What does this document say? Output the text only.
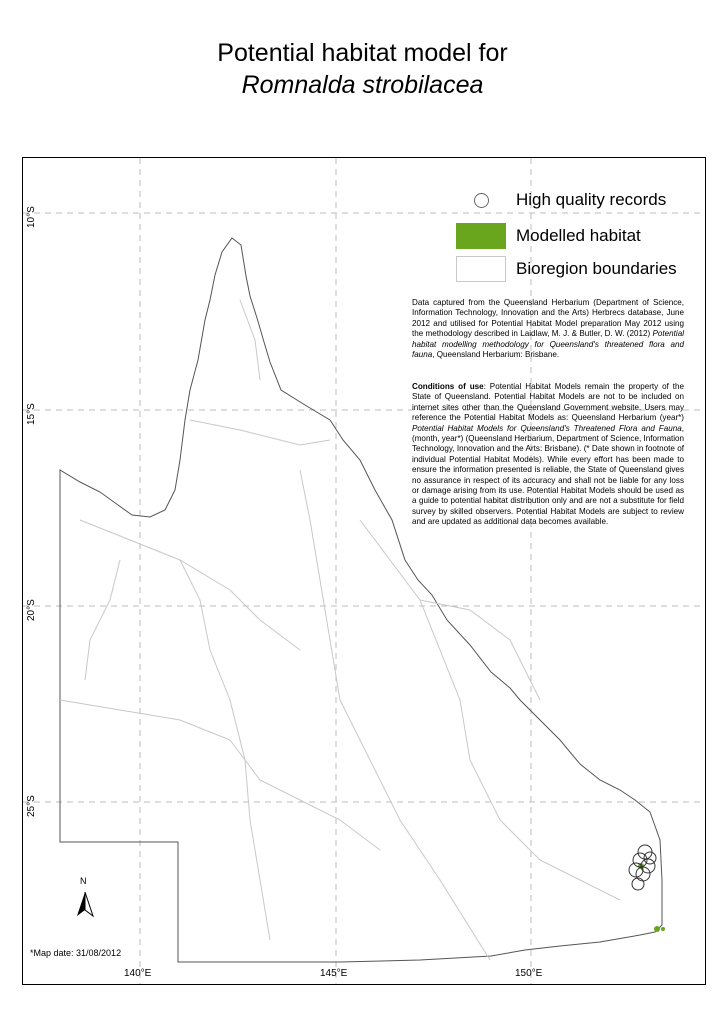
Potential habitat model for
Romnalda strobilacea
High quality records
Modelled habitat
Bioregion boundaries
Data captured from the Queensland Herbarium (Department of Science, Information Technology, Innovation and the Arts) Herbrecs database, June 2012 and utilised for Potential Habitat Model preparation May 2012 using the methodology described in Laidlaw, M. J. & Butler, D. W. (2012) Potential habitat modelling methodology for Queensland's threatened flora and fauna, Queensland Herbarium: Brisbane.
Conditions of use: Potential Habitat Models remain the property of the State of Queensland. Potential Habitat Models are not to be included on internet sites other than the Queensland Government website. Users may reference the Potential Habitat Models as: Queensland Herbarium (year*) Potential Habitat Models for Queensland's Threatened Flora and Fauna, (month, year*) (Queensland Herbarium, Department of Science, Information Technology, Innovation and the Arts: Brisbane). (* Date shown in footnote of individual Potential Habitat Models). While every effort has been made to ensure the information presented is reliable, the State of Queensland gives no assurance in respect of its accuracy and shall not be liable for any loss or damage arising from its use. Potential Habitat Models should be used as a guide to potential habitat distribution only and are not a substitute for field survey by skilled observers. Potential Habitat Models are subject to review and are updated as additional data becomes available.
10°S
15°S
20°S
25°S
140°E	145°E	150°E
N
*Map date: 31/08/2012
